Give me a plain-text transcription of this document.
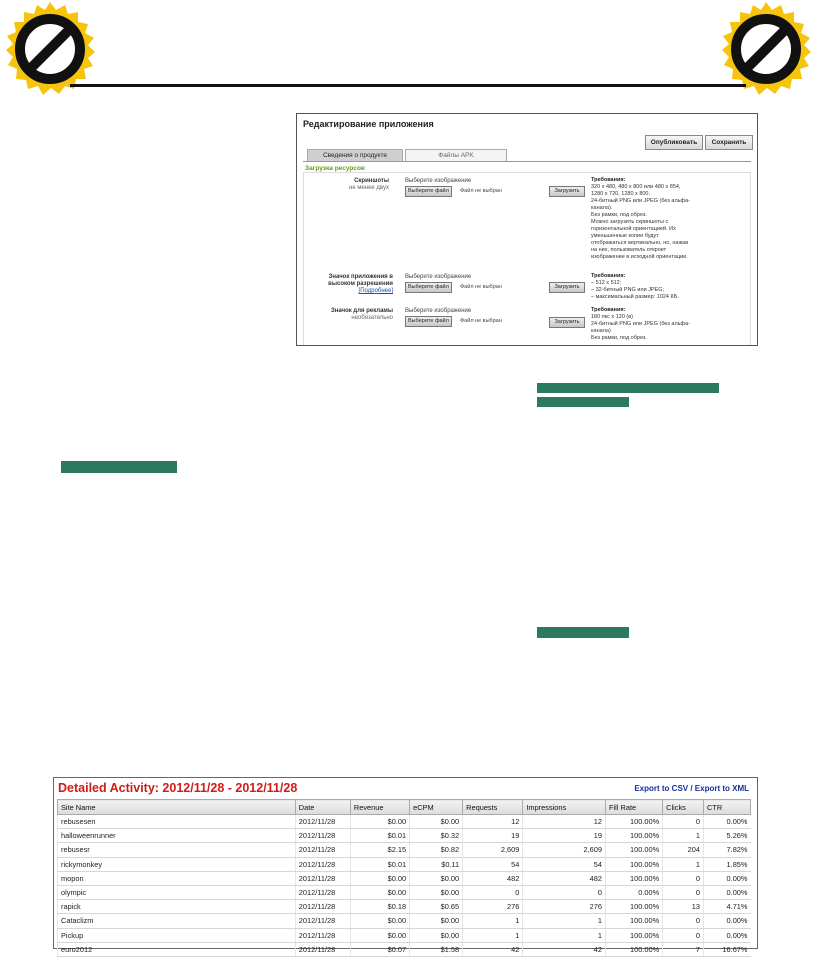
Редактирование приложения
Опубликовать	Сохранить
Сведения о продукте	Файлы APK
Загрузка ресурсов
Скриншоты
не менее двух
Выберите изображение
Выберите файл	Файл не выбран	Загрузить
Требования:
320 x 480, 480 x 800 или 480 x 854,
1280 x 720, 1280 x 800.
24-битный PNG или JPEG (без альфа-
канала).
Без рамки, под обрез.
Можно загрузить скриншоты с
горизонтальной ориентацией. Их
уменьшенные копии будут
отображаться вертикально, но, нажав
на них, пользователь откроет
изображение в исходной ориентации.
Значок приложения в высоком разрешении
[Подробнее]
Выберите изображение
Выберите файл	Файл не выбран	Загрузить
Требования:
– 512 x 512;
– 32-битный PNG или JPEG;
– максимальный размер: 1024 КБ.
Значок для рекламы
необязательно
Выберите изображение
Выберите файл	Файл не выбран	Загрузить
Требования:
180 пкс x 120 (в)
24-битный PNG или JPEG (без альфа-
канала)
Без рамки, под обрез.
Detailed Activity: 2012/11/28 - 2012/11/28	Export to CSV / Export to XML
Site Name	Date	Revenue	eCPM	Requests	Impressions	Fill Rate	Clicks	CTR
rebusesen	2012/11/28	$0.00	$0.00	12	12	100.00%	0	0.00%
halloweenrunner	2012/11/28	$0.01	$0.32	19	19	100.00%	1	5.26%
rebusesr	2012/11/28	$2.15	$0.82	2,609	2,609	100.00%	204	7.82%
rickymonkey	2012/11/28	$0.01	$0.11	54	54	100.00%	1	1.85%
mopon	2012/11/28	$0.00	$0.00	482	482	100.00%	0	0.00%
olympic	2012/11/28	$0.00	$0.00	0	0	0.00%	0	0.00%
rapick	2012/11/28	$0.18	$0.65	276	276	100.00%	13	4.71%
Cataclizm	2012/11/28	$0.00	$0.00	1	1	100.00%	0	0.00%
Pickup	2012/11/28	$0.00	$0.00	1	1	100.00%	0	0.00%
euro2012	2012/11/28	$0.07	$1.58	42	42	100.00%	7	16.67%
